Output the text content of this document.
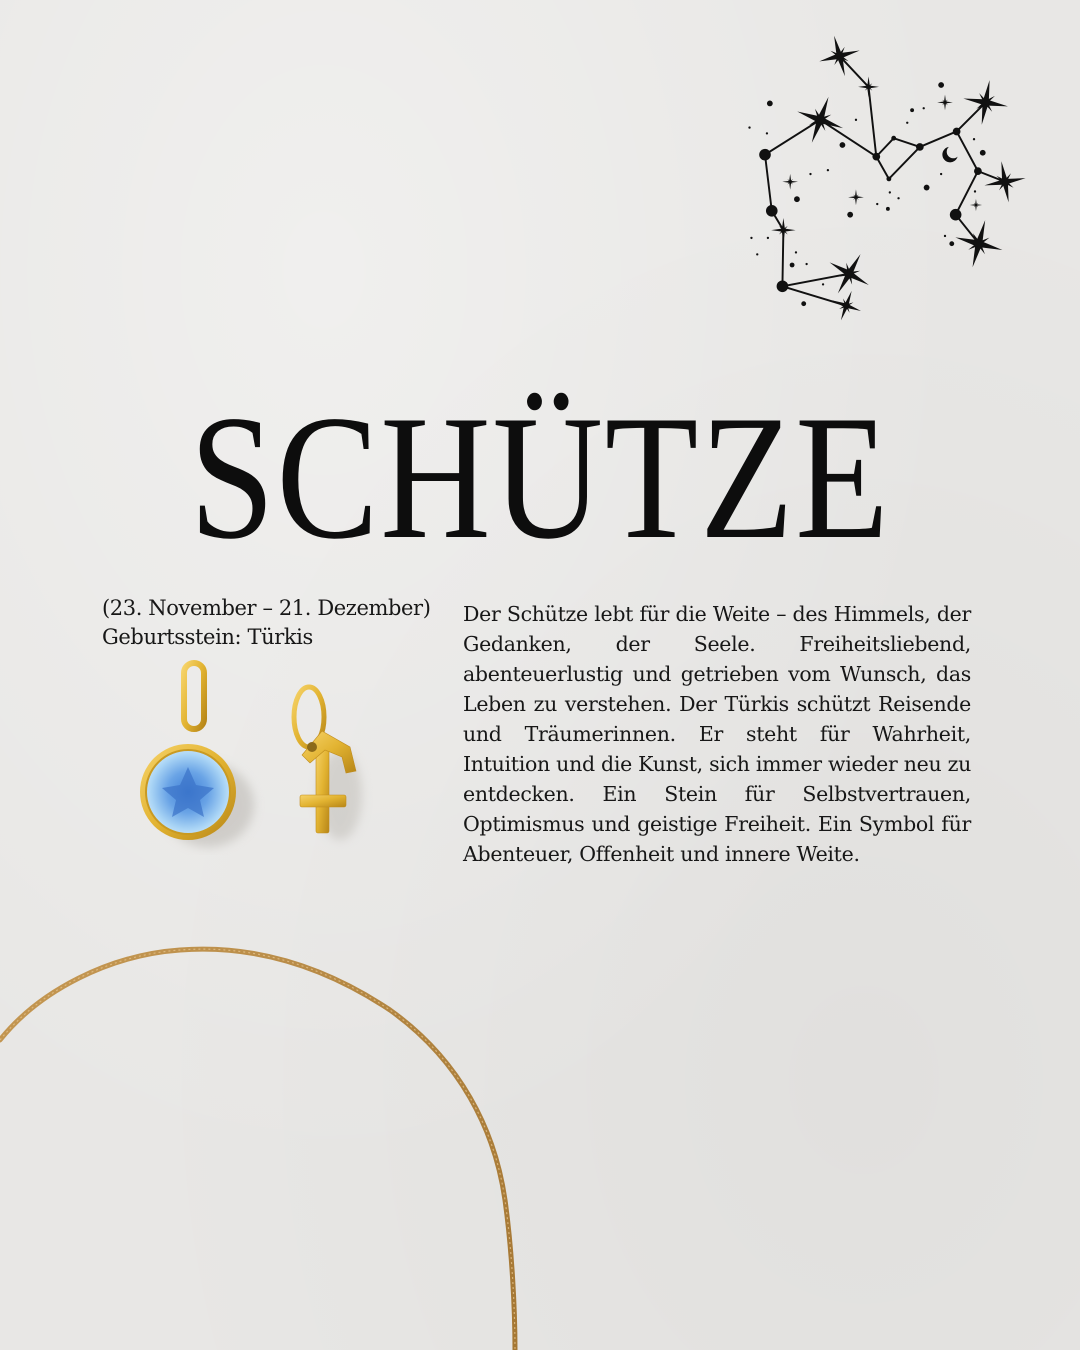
SCHÜTZE
(23. November – 21. Dezember)
Geburtsstein: Türkis

Der Schütze lebt für die Weite – des Himmels, der Gedanken, der Seele. Freiheitsliebend, abenteuerlustig und getrieben vom Wunsch, das Leben zu verstehen. Der Türkis schützt Reisende und Träumerinnen. Er steht für Wahrheit, Intuition und die Kunst, sich immer wieder neu zu entdecken. Ein Stein für Selbstvertrauen, Optimismus und geistige Freiheit. Ein Symbol für Abenteuer, Offenheit und innere Weite.
